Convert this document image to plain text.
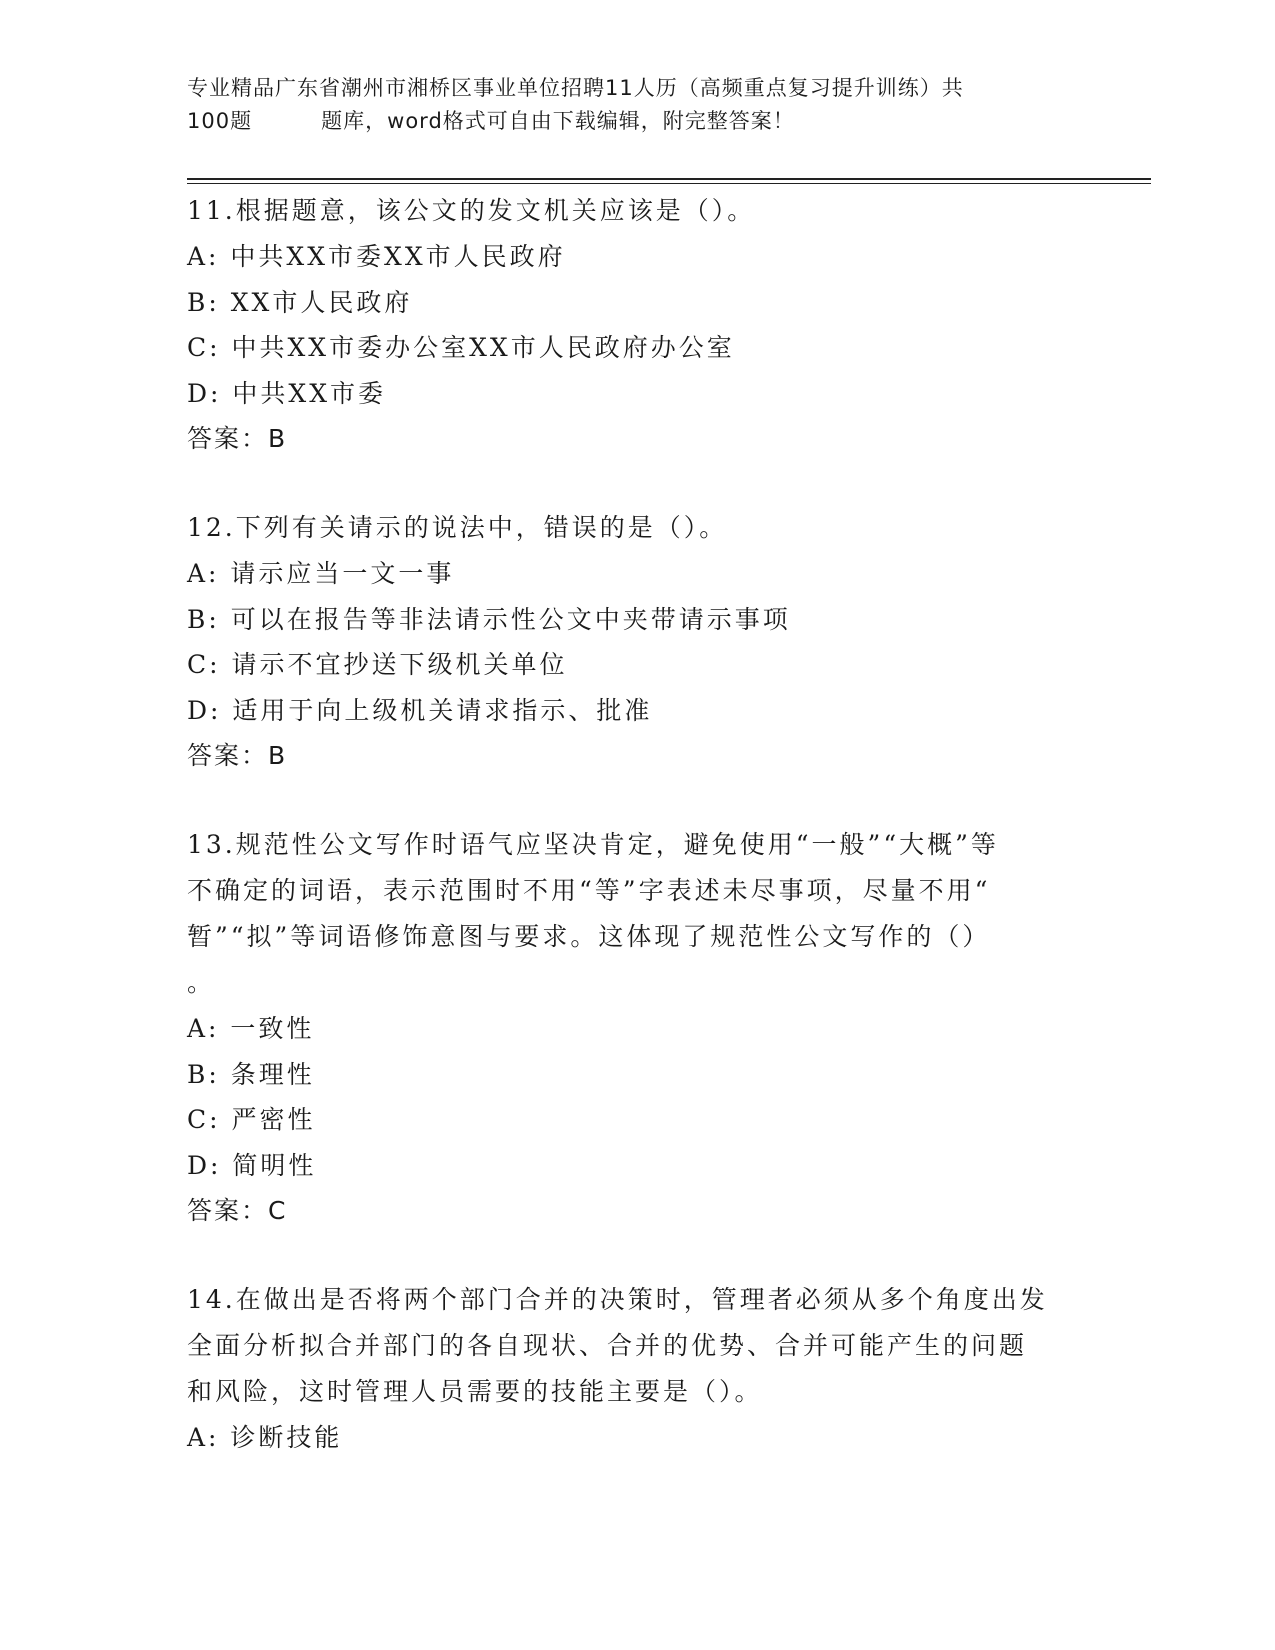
专业精品广东省潮州市湘桥区事业单位招聘11人历（高频重点复习提升训练）共
100题         题库，word格式可自由下载编辑，附完整答案！

11.根据题意，该公文的发文机关应该是（）。

A: 中共XX市委XX市人民政府

B: XX市人民政府

C: 中共XX市委办公室XX市人民政府办公室

D: 中共XX市委

答案：B

12.下列有关请示的说法中，错误的是（）。

A: 请示应当一文一事

B: 可以在报告等非法请示性公文中夹带请示事项

C: 请示不宜抄送下级机关单位

D: 适用于向上级机关请求指示、批准

答案：B

13.规范性公文写作时语气应坚决肯定，避免使用“一般”“大概”等

不确定的词语，表示范围时不用“等”字表述未尽事项，尽量不用“

暂”“拟”等词语修饰意图与要求。这体现了规范性公文写作的（）

。

A: 一致性

B: 条理性

C: 严密性

D: 简明性

答案：C

14.在做出是否将两个部门合并的决策时，管理者必须从多个角度出发

全面分析拟合并部门的各自现状、合并的优势、合并可能产生的问题

和风险，这时管理人员需要的技能主要是（）。

A: 诊断技能
